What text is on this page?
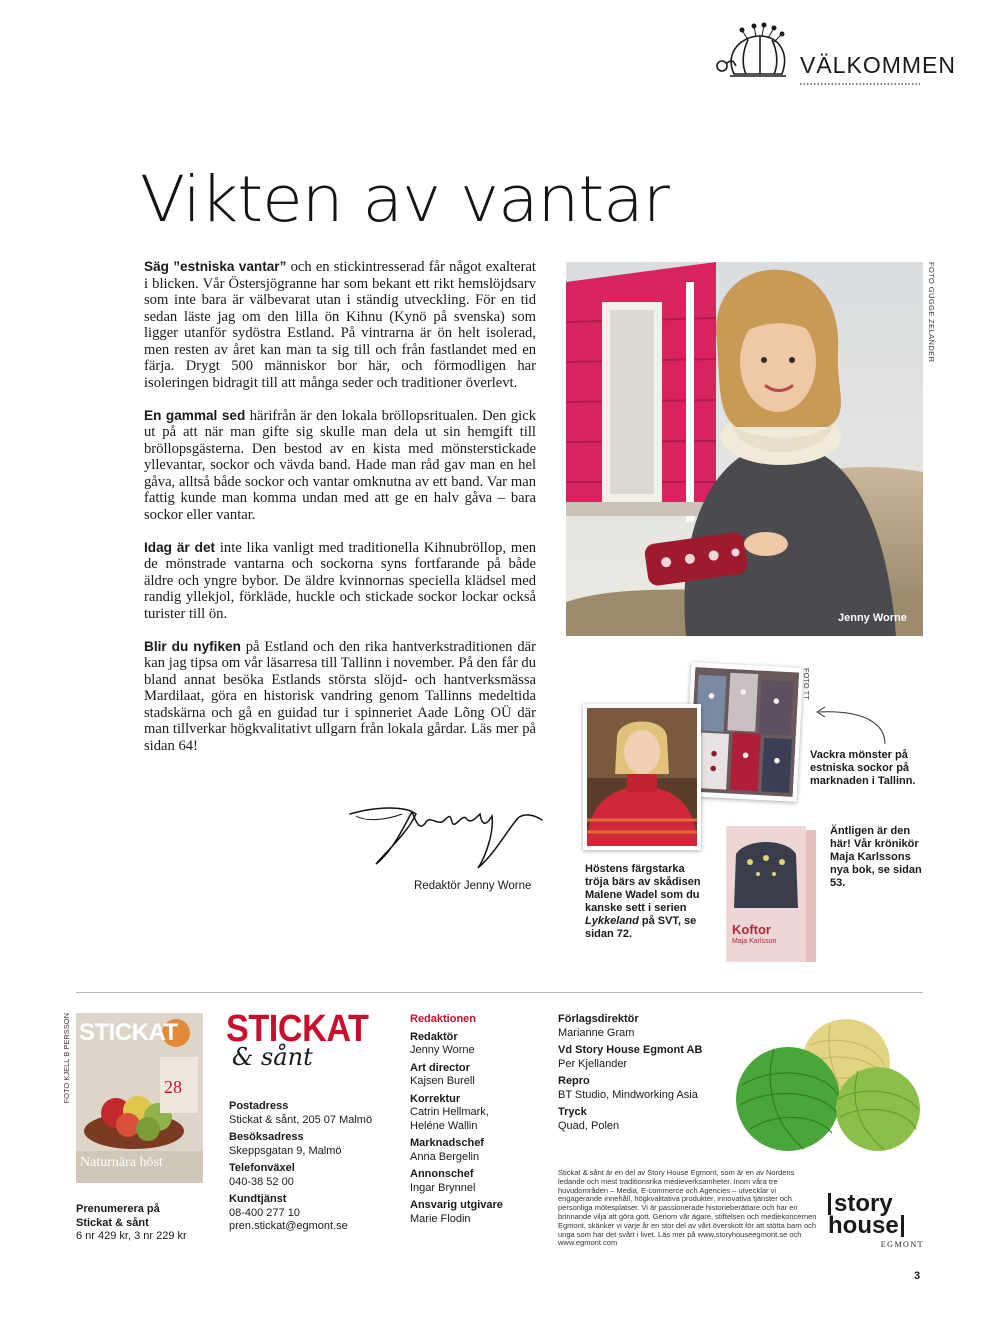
VÄLKOMMEN
Vikten av vantar

Säg ”estniska vantar” och en stickintresserad får något exalterat i blicken. Vår Östersjögranne har som bekant ett rikt hemslöjdsarv som inte bara är välbevarat utan i ständig utveckling. För en tid sedan läste jag om den lilla ön Kihnu (Kynö på svenska) som ligger utanför sydöstra Estland. På vintrarna är ön helt isolerad, men resten av året kan man ta sig till och från fastlandet med en färja. Drygt 500 människor bor här, och förmodligen har isoleringen bidragit till att många seder och traditioner överlevt.

En gammal sed härifrån är den lokala bröllopsritualen. Den gick ut på att när man gifte sig skulle man dela ut sin hemgift till bröllopsgästerna. Den bestod av en kista med mönsterstickade yllevantar, sockor och vävda band. Hade man råd gav man en hel gåva, alltså både sockor och vantar omknutna av ett band. Var man fattig kunde man komma undan med att ge en halv gåva – bara sockor eller vantar.

Idag är det inte lika vanligt med traditionella Kihnubröllop, men de mönstrade vantarna och sockorna syns fortfarande på både äldre och yngre bybor. De äldre kvinnornas speciella klädsel med randig yllekjol, förkläde, huckle och stickade sockor lockar också turister till ön.

Blir du nyfiken på Estland och den rika hantverkstraditionen där kan jag tipsa om vår läsarresa till Tallinn i november. På den får du bland annat besöka Estlands största slöjd- och hantverksmässa Mardilaat, göra en historisk vandring genom Tallinns medeltida stadskärna och gå en guidad tur i spinneriet Aade Lõng OÜ där man tillverkar högkvalitativt ullgarn från lokala gårdar. Läs mer på sidan 64!

Redaktör Jenny Worne
FOTO GUGGE ZELANDER
Jenny Worne
FOTO TT
Koftor
Maja Karlsson
Vackra mönster på estniska sockor på marknaden i Tallinn.
Äntligen är den här! Vår krönikör Maja Karlssons nya bok, se sidan 53.
Höstens färgstarka tröja bärs av skådisen Malene Wadel som du kanske sett i serien Lykkeland på SVT, se sidan 72.
FOTO KJELL B PERSSON	28
STICKAT
Naturnära höst
Prenumerera på
Stickat & sånt
6 nr 429 kr, 3 nr 229 kr
STICKAT
& sånt
Postadress
Stickat & sånt, 205 07 Malmö
Besöksadress
Skeppsgatan 9, Malmö
Telefonväxel
040-38 52 00
Kundtjänst
08-400 277 10
pren.stickat@egmont.se
Redaktionen
Redaktör
Jenny Worne
Art director
Kajsen Burell
Korrektur
Catrin Hellmark,
Heléne Wallin
Marknadschef
Anna Bergelin
Annonschef
Ingar Brynnel
Ansvarig utgivare
Marie Flodin
Förlagsdirektör
Marianne Gram
Vd Story House Egmont AB
Per Kjellander
Repro
BT Studio, Mindworking Asia
Tryck
Quad, Polen
Stickat & sånt är en del av Story House Egmont, som är en av Nordens ledande och mest traditionsrika medieverksamheter. Inom våra tre huvudområden – Media, E-commerce och Agencies – utvecklar vi engagerande innehåll, högkvalitativa produkter, innovativa tjänster och personliga mötesplatser. Vi är passionerade historieberättare och har en brinnande vilja att göra gott. Genom vår ägare, stiftelsen och mediekoncernen Egmont, skänker vi varje år en stor del av vårt överskott för att stötta barn och unga som har det svårt i livet. Läs mer på www.storyhouseegmont.se och www.egmont.com
story
house
EGMONT
3
